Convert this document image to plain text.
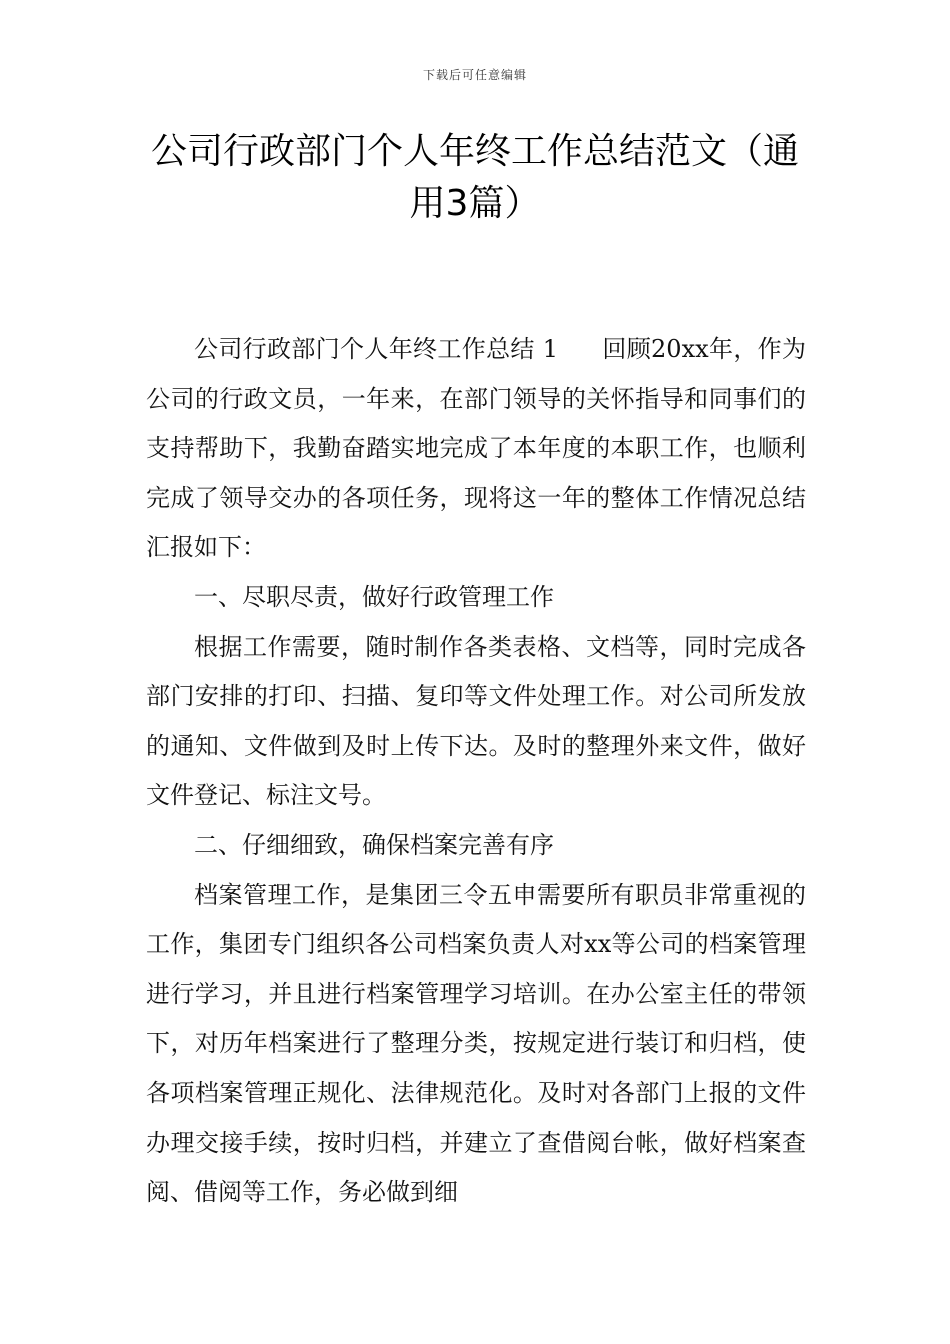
下载后可任意编辑
公司行政部门个人年终工作总结范文（通用3篇）

公司行政部门个人年终工作总结 1 回顾20xx年，作为公司的行政文员，一年来，在部门领导的关怀指导和同事们的支持帮助下，我勤奋踏实地完成了本年度的本职工作，也顺利完成了领导交办的各项任务，现将这一年的整体工作情况总结汇报如下：

一、尽职尽责，做好行政管理工作

根据工作需要，随时制作各类表格、文档等，同时完成各部门安排的打印、扫描、复印等文件处理工作。对公司所发放的通知、文件做到及时上传下达。及时的整理外来文件，做好文件登记、标注文号。

二、仔细细致，确保档案完善有序

档案管理工作，是集团三令五申需要所有职员非常重视的工作，集团专门组织各公司档案负责人对xx等公司的档案管理进行学习，并且进行档案管理学习培训。在办公室主任的带领下，对历年档案进行了整理分类，按规定进行装订和归档，使各项档案管理正规化、法律规范化。及时对各部门上报的文件办理交接手续，按时归档，并建立了查借阅台帐，做好档案查阅、借阅等工作，务必做到细
